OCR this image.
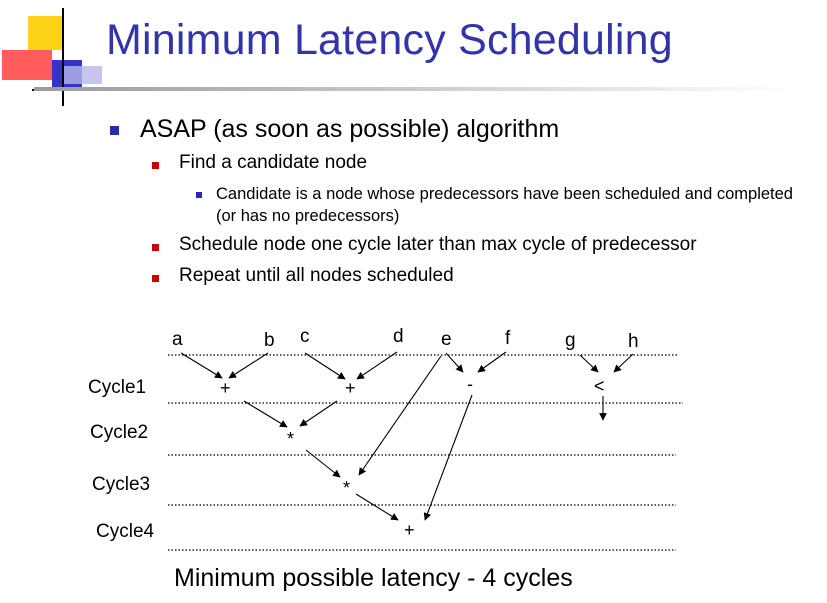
Minimum Latency Scheduling
ASAP (as soon as possible) algorithm
Find a candidate node
Candidate is a node whose predecessors have been scheduled and completed (or has no predecessors)
Schedule node one cycle later than max cycle of predecessor
Repeat until all nodes scheduled
a	b c	d e	f	g	h
Cycle1
Cycle2
Cycle3
Cycle4
+	+	-	<
*
*
+
Minimum possible latency - 4 cycles
